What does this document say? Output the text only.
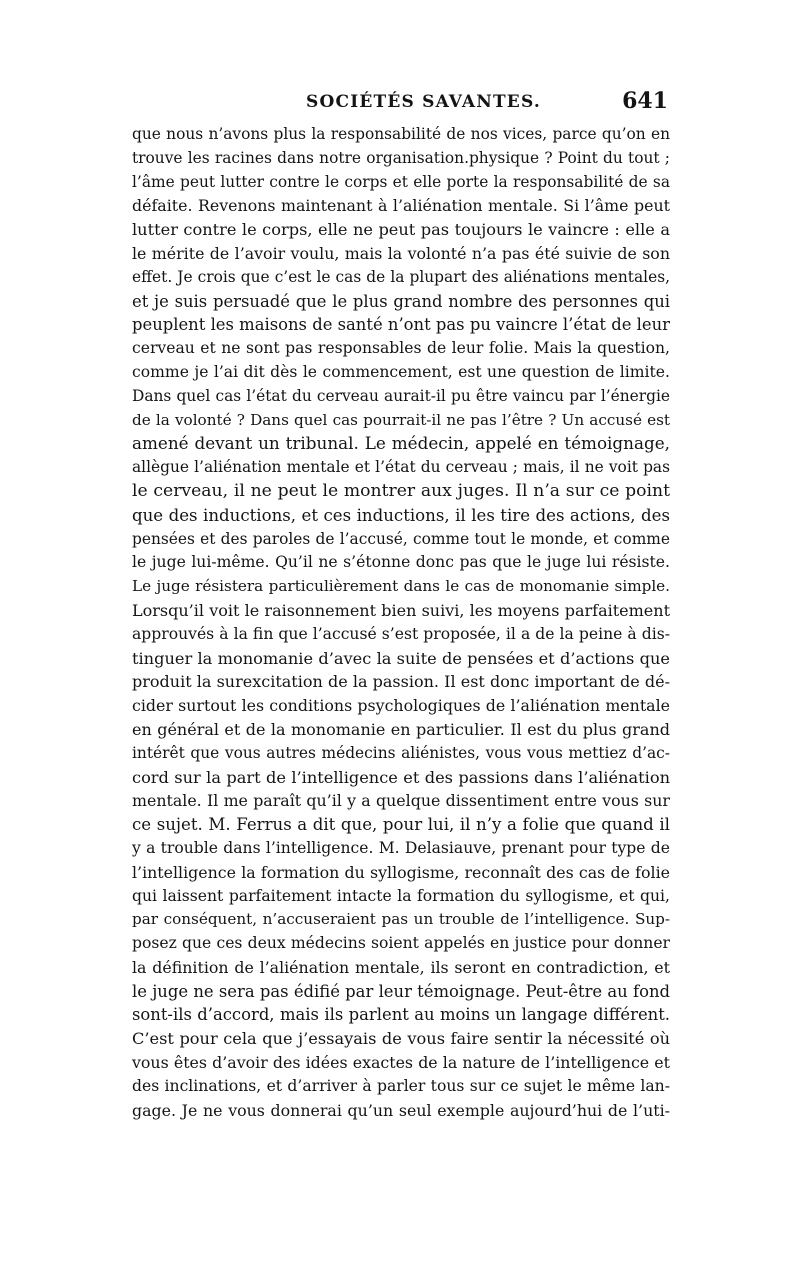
SOCIÉTÉS SAVANTES.	641
que nous n’avons plus la responsabilité de nos vices, parce qu’on en
trouve les racines dans notre organisation.physique ? Point du tout ;
l’âme peut lutter contre le corps et elle porte la responsabilité de sa
défaite. Revenons maintenant à l’aliénation mentale. Si l’âme peut
lutter contre le corps, elle ne peut pas toujours le vaincre : elle a
le mérite de l’avoir voulu, mais la volonté n’a pas été suivie de son
effet. Je crois que c’est le cas de la plupart des aliénations mentales,
et je suis persuadé que le plus grand nombre des personnes qui
peuplent les maisons de santé n’ont pas pu vaincre l’état de leur
cerveau et ne sont pas responsables de leur folie. Mais la question,
comme je l’ai dit dès le commencement, est une question de limite.
Dans quel cas l’état du cerveau aurait-il pu être vaincu par l’énergie
de la volonté ? Dans quel cas pourrait-il ne pas l’être ? Un accusé est
amené devant un tribunal. Le médecin, appelé en témoignage,
allègue l’aliénation mentale et l’état du cerveau ; mais, il ne voit pas
le cerveau, il ne peut le montrer aux juges. Il n’a sur ce point
que des inductions, et ces inductions, il les tire des actions, des
pensées et des paroles de l’accusé, comme tout le monde, et comme
le juge lui-même. Qu’il ne s’étonne donc pas que le juge lui résiste.
Le juge résistera particulièrement dans le cas de monomanie simple.
Lorsqu’il voit le raisonnement bien suivi, les moyens parfaitement
approuvés à la fin que l’accusé s’est proposée, il a de la peine à dis-
tinguer la monomanie d’avec la suite de pensées et d’actions que
produit la surexcitation de la passion. Il est donc important de dé-
cider surtout les conditions psychologiques de l’aliénation mentale
en général et de la monomanie en particulier. Il est du plus grand
intérêt que vous autres médecins aliénistes, vous vous mettiez d’ac-
cord sur la part de l’intelligence et des passions dans l’aliénation
mentale. Il me paraît qu’il y a quelque dissentiment entre vous sur
ce sujet. M. Ferrus a dit que, pour lui, il n’y a folie que quand il
y a trouble dans l’intelligence. M. Delasiauve, prenant pour type de
l’intelligence la formation du syllogisme, reconnaît des cas de folie
qui laissent parfaitement intacte la formation du syllogisme, et qui,
par conséquent, n’accuseraient pas un trouble de l’intelligence. Sup-
posez que ces deux médecins soient appelés en justice pour donner
la définition de l’aliénation mentale, ils seront en contradiction, et
le juge ne sera pas édifié par leur témoignage. Peut-être au fond
sont-ils d’accord, mais ils parlent au moins un langage différent.
C’est pour cela que j’essayais de vous faire sentir la nécessité où
vous êtes d’avoir des idées exactes de la nature de l’intelligence et
des inclinations, et d’arriver à parler tous sur ce sujet le même lan-
gage. Je ne vous donnerai qu’un seul exemple aujourd’hui de l’uti-
